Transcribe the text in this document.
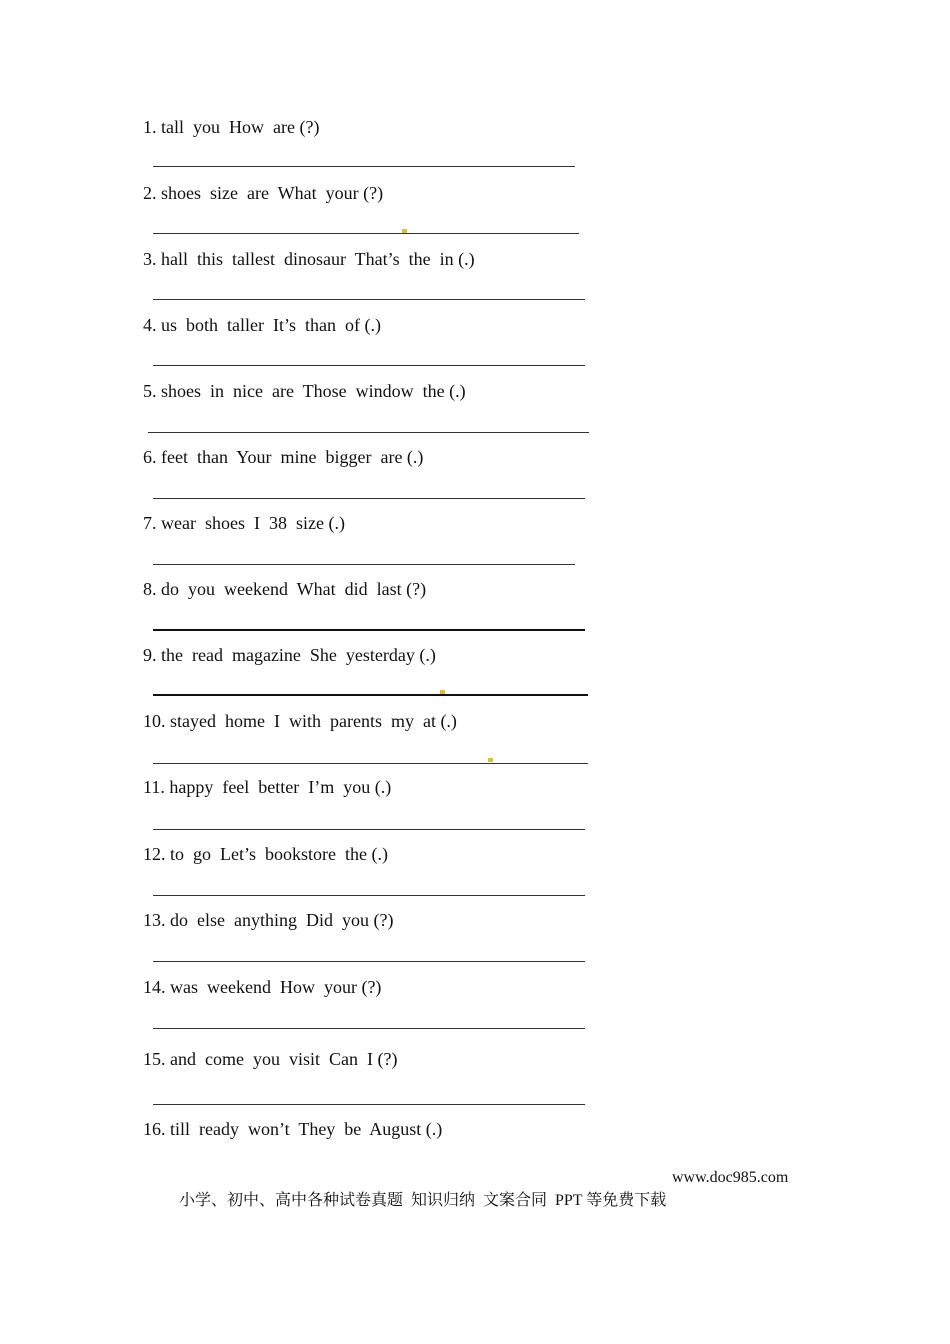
1. tall  you  How  are (?)
2. shoes  size  are  What  your (?)
3. hall  this  tallest  dinosaur  That’s  the  in (.)
4. us  both  taller  It’s  than  of (.)
5. shoes  in  nice  are  Those  window  the (.)
6. feet  than  Your  mine  bigger  are (.)
7. wear  shoes  I  38  size (.)
8. do  you  weekend  What  did  last (?)
9. the  read  magazine  She  yesterday (.)
10. stayed  home  I  with  parents  my  at (.)
11. happy  feel  better  I’m  you (.)
12. to  go  Let’s  bookstore  the (.)
13. do  else  anything  Did  you (?)
14. was  weekend  How  your (?)
15. and  come  you  visit  Can  I (?)
16. till  ready  won’t  They  be  August (.)

小学、初中、高中各种试卷真题  知识归纳  文案合同  PPT 等免费下载

www.doc985.com
